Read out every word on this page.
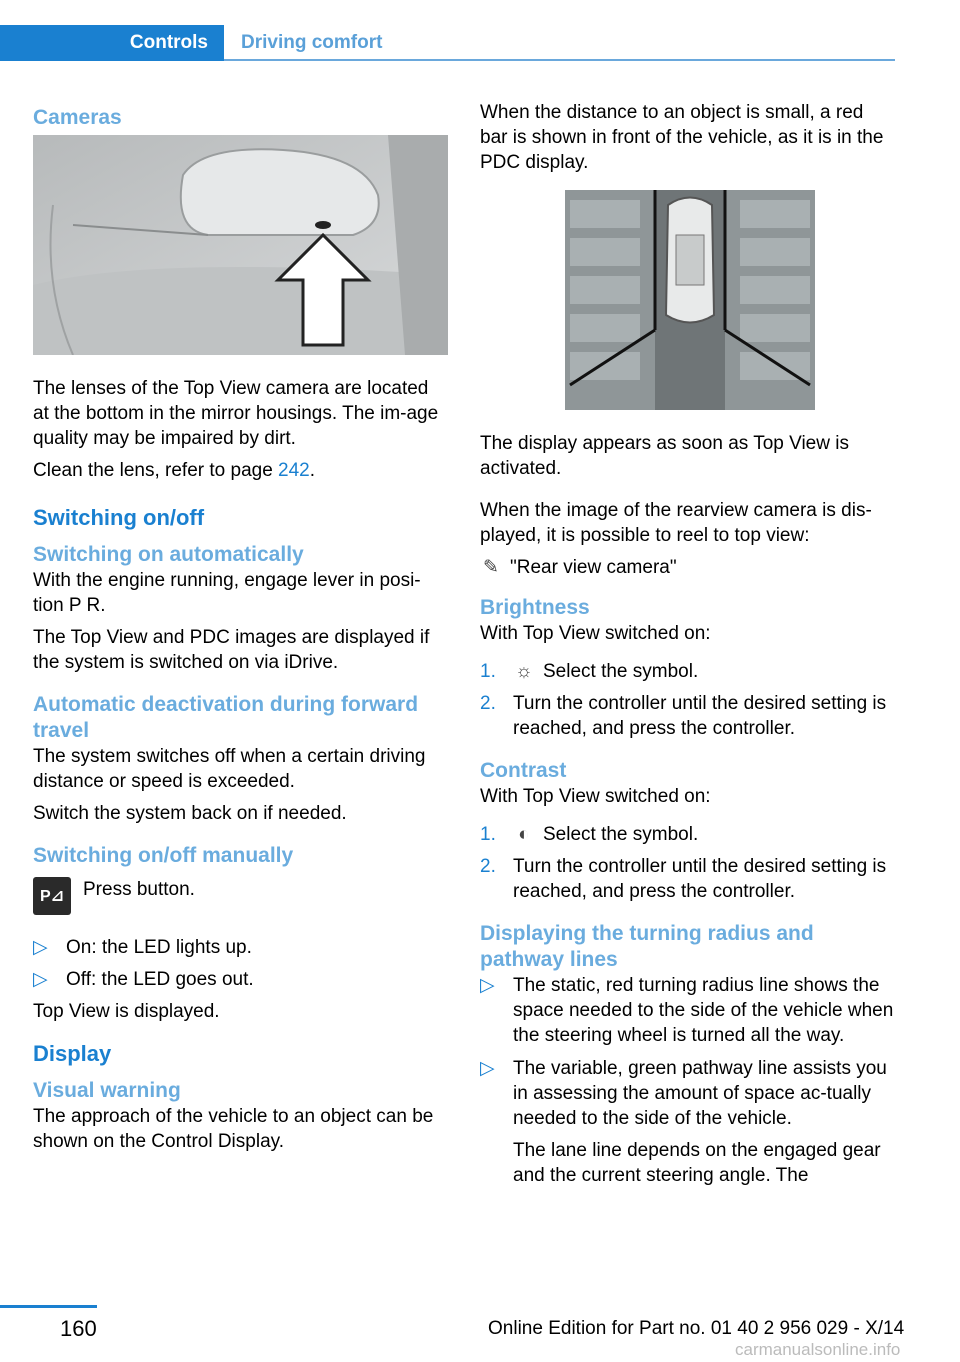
Controls	Driving comfort
Cameras

The lenses of the Top View camera are located at the bottom in the mirror housings. The im‐age quality may be impaired by dirt.

Clean the lens, refer to page 242.

Switching on/off
Switching on automatically

With the engine running, engage lever in posi‐tion P R.

The Top View and PDC images are displayed if the system is switched on via iDrive.

Automatic deactivation during forward travel

The system switches off when a certain driving distance or speed is exceeded.

Switch the system back on if needed.

Switching on/off manually
P⊿ Press button.
▷ On: the LED lights up.
▷ Off: the LED goes out.

Top View is displayed.

Display
Visual warning

The approach of the vehicle to an object can be shown on the Control Display.

When the distance to an object is small, a red bar is shown in front of the vehicle, as it is in the PDC display.

The display appears as soon as Top View is activated.

When the image of the rearview camera is dis‐played, it is possible to reel to top view:

✎ "Rear view camera"
Brightness

With Top View switched on:

1. ☼ Select the symbol.
2. Turn the controller until the desired setting is reached, and press the controller.
Contrast

With Top View switched on:

1. ◐ Select the symbol.
2. Turn the controller until the desired setting is reached, and press the controller.
Displaying the turning radius and pathway lines
▷ The static, red turning radius line shows the space needed to the side of the vehicle when the steering wheel is turned all the way.
▷ The variable, green pathway line assists you in assessing the amount of space ac‐tually needed to the side of the vehicle.

The lane line depends on the engaged gear and the current steering angle. The

160	Online Edition for Part no. 01 40 2 956 029 - X/14
carmanualsonline.info
